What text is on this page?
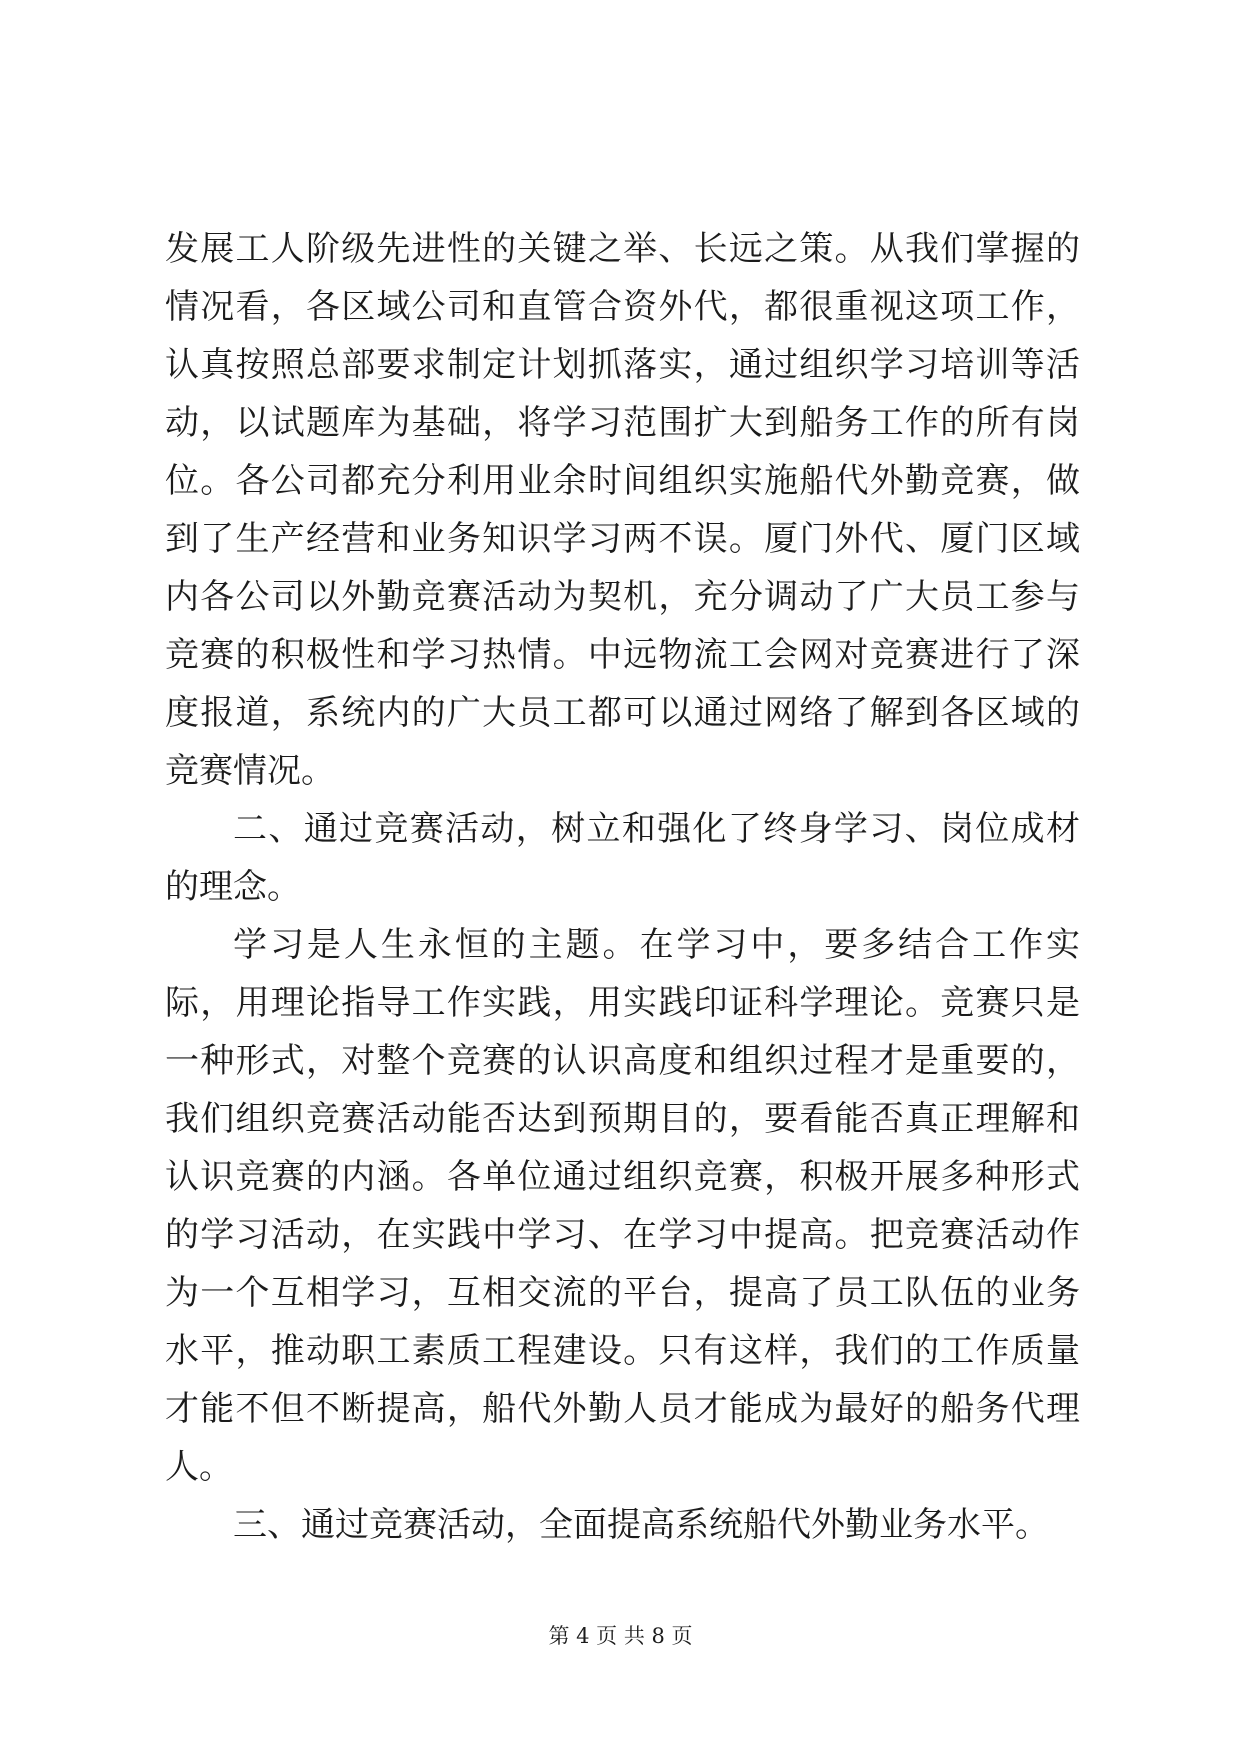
发展工人阶级先进性的关键之举、长远之策。从我们掌握的情况看，各区域公司和直管合资外代，都很重视这项工作，认真按照总部要求制定计划抓落实，通过组织学习培训等活动，以试题库为基础，将学习范围扩大到船务工作的所有岗位。各公司都充分利用业余时间组织实施船代外勤竞赛，做到了生产经营和业务知识学习两不误。厦门外代、厦门区域内各公司以外勤竞赛活动为契机，充分调动了广大员工参与竞赛的积极性和学习热情。中远物流工会网对竞赛进行了深度报道，系统内的广大员工都可以通过网络了解到各区域的竞赛情况。

二、通过竞赛活动，树立和强化了终身学习、岗位成材的理念。

学习是人生永恒的主题。在学习中，要多结合工作实际，用理论指导工作实践，用实践印证科学理论。竞赛只是一种形式，对整个竞赛的认识高度和组织过程才是重要的，我们组织竞赛活动能否达到预期目的，要看能否真正理解和认识竞赛的内涵。各单位通过组织竞赛，积极开展多种形式的学习活动，在实践中学习、在学习中提高。把竞赛活动作为一个互相学习，互相交流的平台，提高了员工队伍的业务水平，推动职工素质工程建设。只有这样，我们的工作质量才能不但不断提高，船代外勤人员才能成为最好的船务代理人。

三、通过竞赛活动，全面提高系统船代外勤业务水平。

第 4 页 共 8 页
